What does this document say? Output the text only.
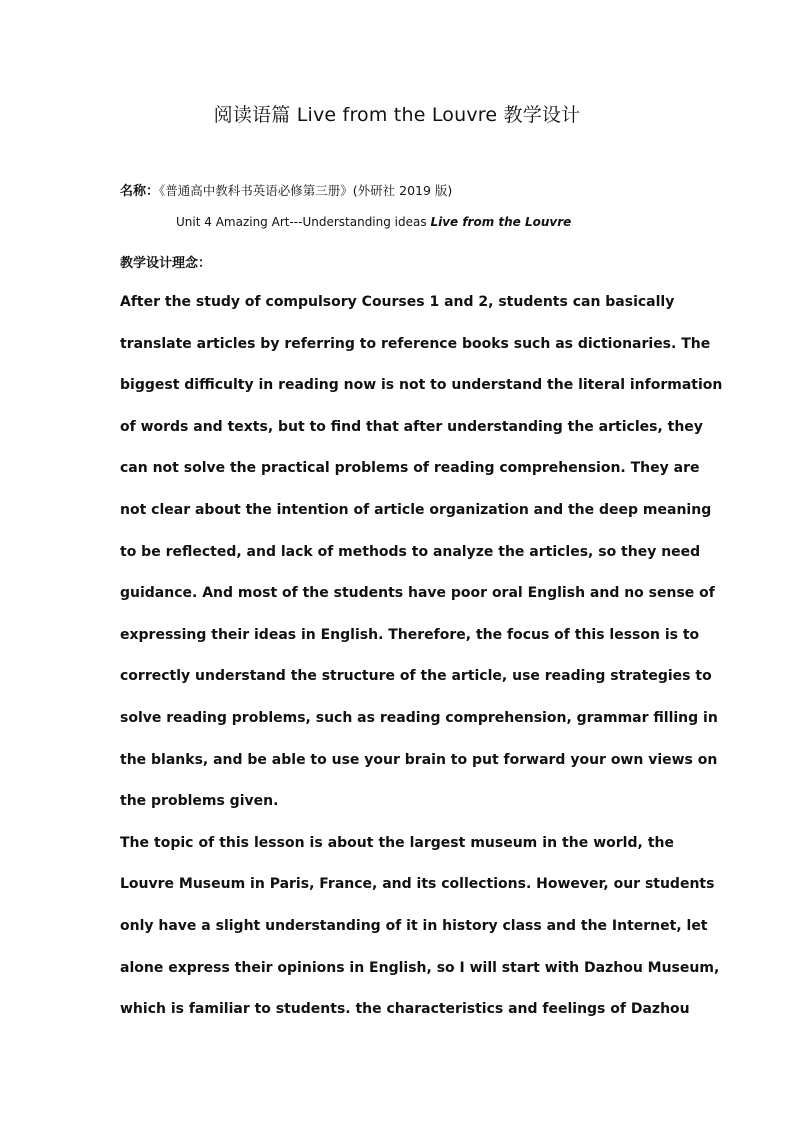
阅读语篇 Live from the Louvre 教学设计
名称：《普通高中教科书英语必修第三册》(外研社 2019 版)
Unit 4 Amazing Art---Understanding ideas Live from the Louvre
教学设计理念：
After the study of compulsory Courses 1 and 2, students can basically
translate articles by referring to reference books such as dictionaries. The
biggest difficulty in reading now is not to understand the literal information
of words and texts, but to find that after understanding the articles, they
can not solve the practical problems of reading comprehension. They are
not clear about the intention of article organization and the deep meaning
to be reflected, and lack of methods to analyze the articles, so they need
guidance. And most of the students have poor oral English and no sense of
expressing their ideas in English. Therefore, the focus of this lesson is to
correctly understand the structure of the article, use reading strategies to
solve reading problems, such as reading comprehension, grammar filling in
the blanks, and be able to use your brain to put forward your own views on
the problems given.
The topic of this lesson is about the largest museum in the world, the
Louvre Museum in Paris, France, and its collections. However, our students
only have a slight understanding of it in history class and the Internet, let
alone express their opinions in English, so I will start with Dazhou Museum,
which is familiar to students. the characteristics and feelings of Dazhou
